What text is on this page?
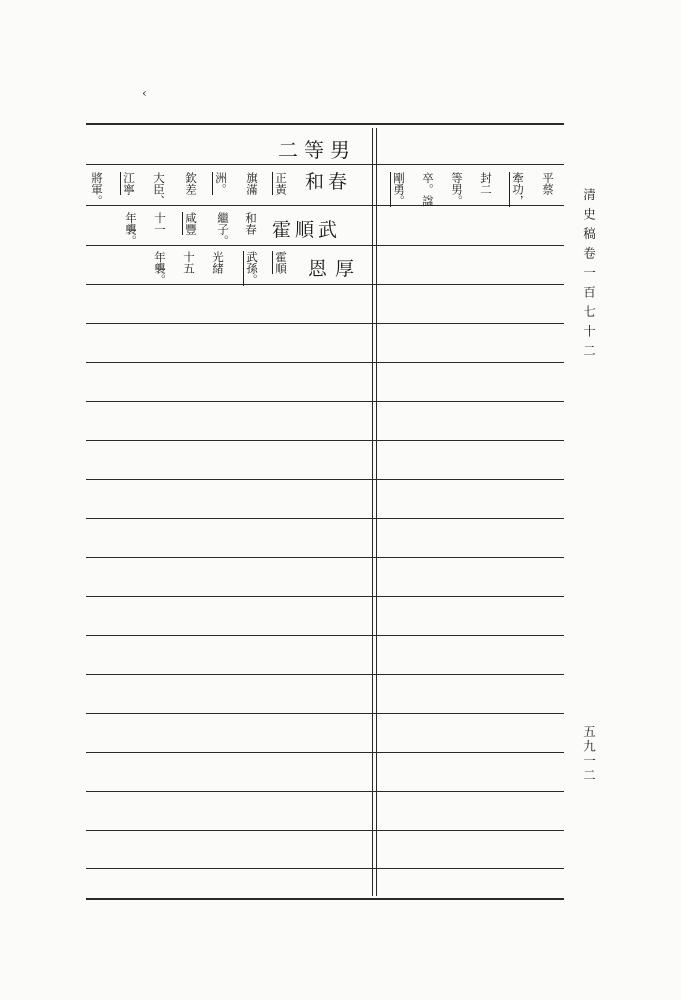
‹
二等男
和春
正黃
旗滿
洲。
欽差
大臣、
江寧
將軍。
霍順武
和春
繼子。
咸豐
十一
年襲。
恩厚
霍順
武孫。
光緒
十五
年襲。
平蔡
牽功，
封二
等男。
卒。諡
剛勇。	清史稿卷一百七十二
五九一二
